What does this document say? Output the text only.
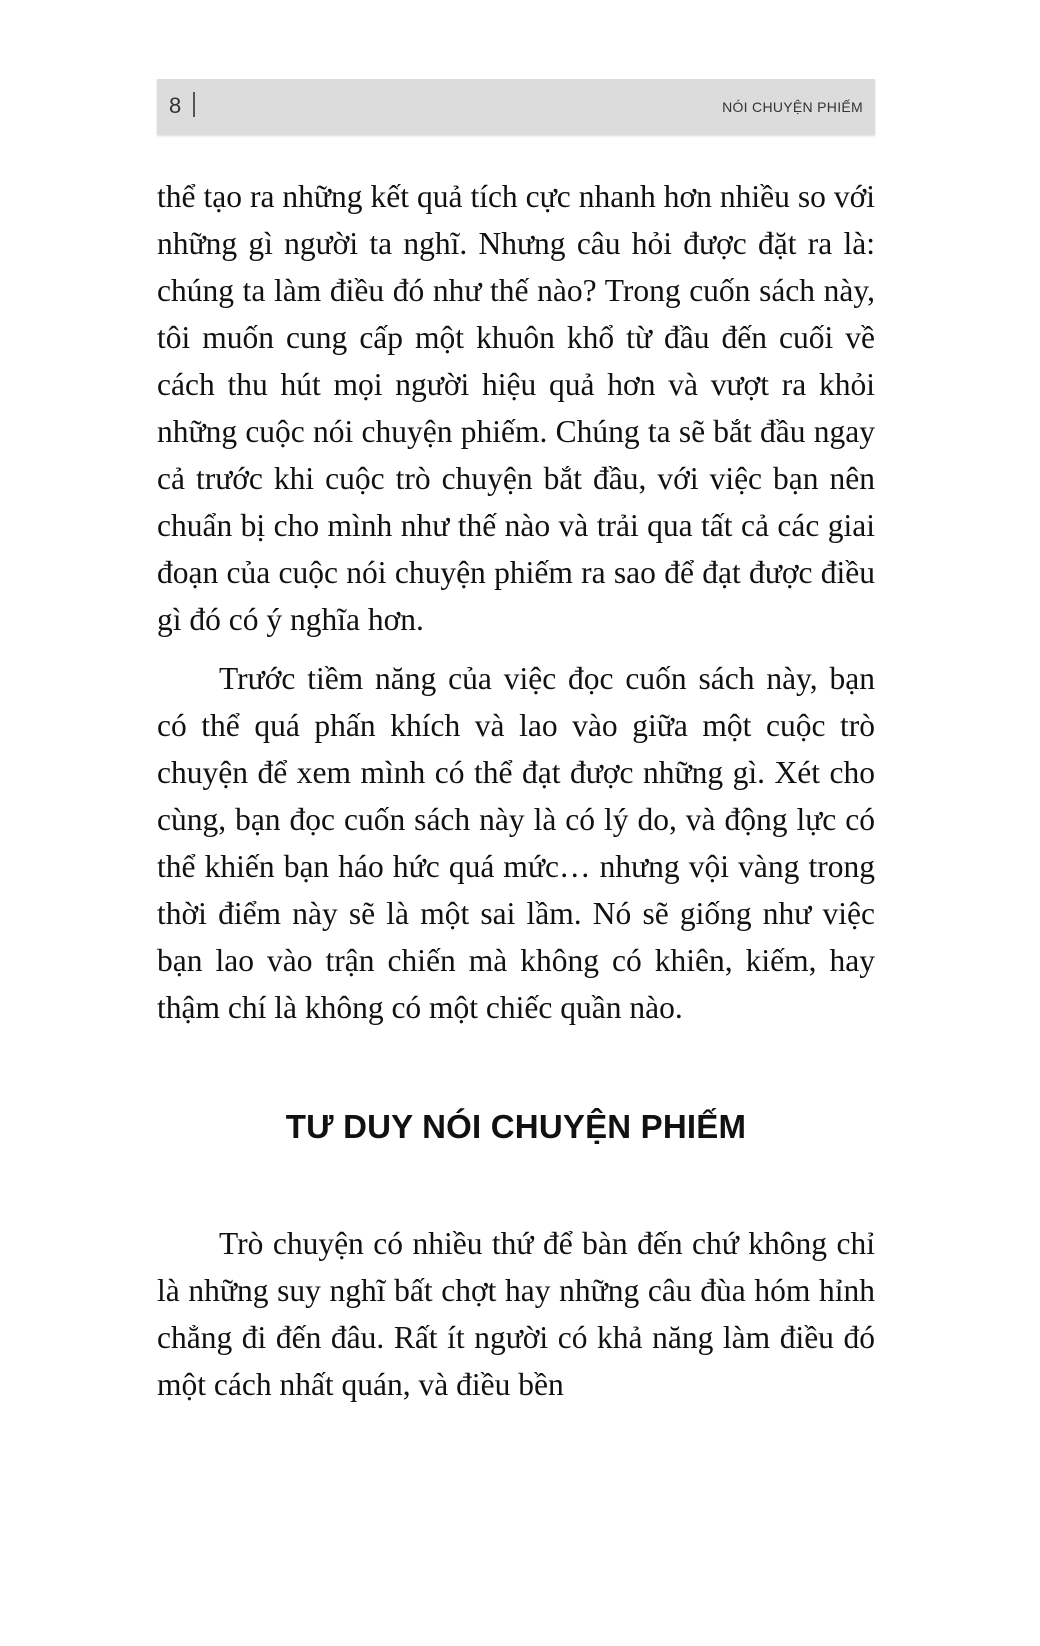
8	NÓI CHUYỆN PHIẾM

thể tạo ra những kết quả tích cực nhanh hơn nhiều so với những gì người ta nghĩ. Nhưng câu hỏi được đặt ra là: chúng ta làm điều đó như thế nào? Trong cuốn sách này, tôi muốn cung cấp một khuôn khổ từ đầu đến cuối về cách thu hút mọi người hiệu quả hơn và vượt ra khỏi những cuộc nói chuyện phiếm. Chúng ta sẽ bắt đầu ngay cả trước khi cuộc trò chuyện bắt đầu, với việc bạn nên chuẩn bị cho mình như thế nào và trải qua tất cả các giai đoạn của cuộc nói chuyện phiếm ra sao để đạt được điều gì đó có ý nghĩa hơn.

Trước tiềm năng của việc đọc cuốn sách này, bạn có thể quá phấn khích và lao vào giữa một cuộc trò chuyện để xem mình có thể đạt được những gì. Xét cho cùng, bạn đọc cuốn sách này là có lý do, và động lực có thể khiến bạn háo hức quá mức… nhưng vội vàng trong thời điểm này sẽ là một sai lầm. Nó sẽ giống như việc bạn lao vào trận chiến mà không có khiên, kiếm, hay thậm chí là không có một chiếc quần nào.

TƯ DUY NÓI CHUYỆN PHIẾM

Trò chuyện có nhiều thứ để bàn đến chứ không chỉ là những suy nghĩ bất chợt hay những câu đùa hóm hỉnh chẳng đi đến đâu. Rất ít người có khả năng làm điều đó một cách nhất quán, và điều bền
